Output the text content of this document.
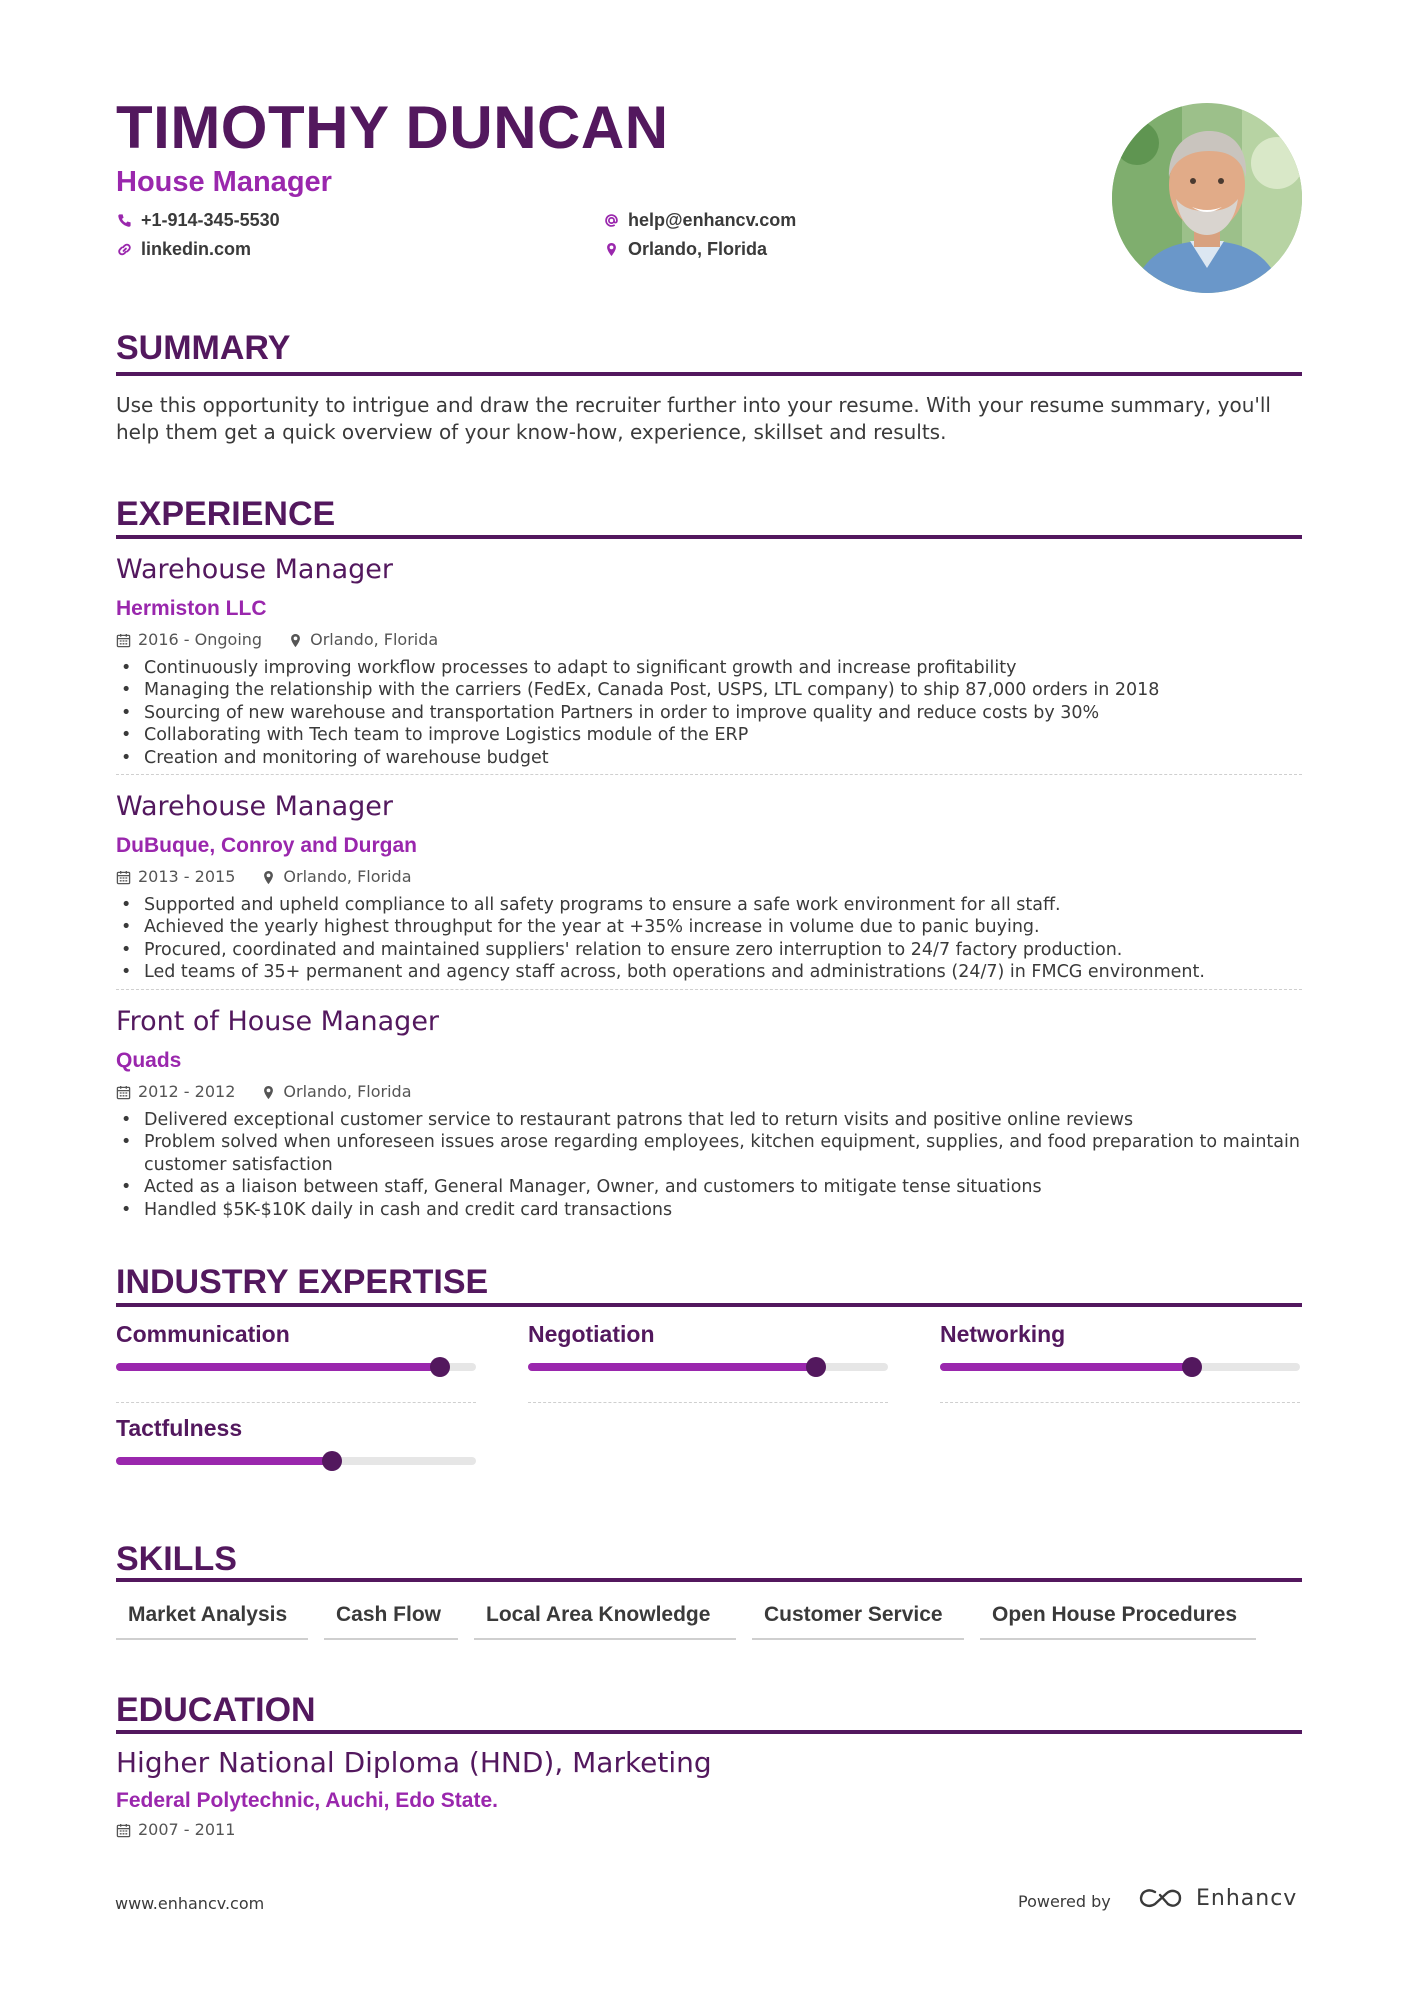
TIMOTHY DUNCAN
House Manager
+1-914-345-5530
linkedin.com
help@enhancv.com
Orlando, Florida
SUMMARY
Use this opportunity to intrigue and draw the recruiter further into your resume. With your resume summary, you'll help them get a quick overview of your know-how, experience, skillset and results.
EXPERIENCE
Warehouse Manager
Hermiston LLC
2016 - Ongoing	Orlando, Florida
• Continuously improving workflow processes to adapt to significant growth and increase profitability
• Managing the relationship with the carriers (FedEx, Canada Post, USPS, LTL company) to ship 87,000 orders in 2018
• Sourcing of new warehouse and transportation Partners in order to improve quality and reduce costs by 30%
• Collaborating with Tech team to improve Logistics module of the ERP
• Creation and monitoring of warehouse budget
Warehouse Manager
DuBuque, Conroy and Durgan
2013 - 2015	Orlando, Florida
• Supported and upheld compliance to all safety programs to ensure a safe work environment for all staff.
• Achieved the yearly highest throughput for the year at +35% increase in volume due to panic buying.
• Procured, coordinated and maintained suppliers' relation to ensure zero interruption to 24/7 factory production.
• Led teams of 35+ permanent and agency staff across, both operations and administrations (24/7) in FMCG environment.
Front of House Manager
Quads
2012 - 2012	Orlando, Florida
• Delivered exceptional customer service to restaurant patrons that led to return visits and positive online reviews
• Problem solved when unforeseen issues arose regarding employees, kitchen equipment, supplies, and food preparation to maintain customer satisfaction
• Acted as a liaison between staff, General Manager, Owner, and customers to mitigate tense situations
• Handled $5K-$10K daily in cash and credit card transactions
INDUSTRY EXPERTISE
Communication	Negotiation	Networking
Tactfulness
SKILLS
Market Analysis	Cash Flow	Local Area Knowledge	Customer Service	Open House Procedures
EDUCATION
Higher National Diploma (HND), Marketing
Federal Polytechnic, Auchi, Edo State.
2007 - 2011
www.enhancv.com	Powered by	Enhancv
